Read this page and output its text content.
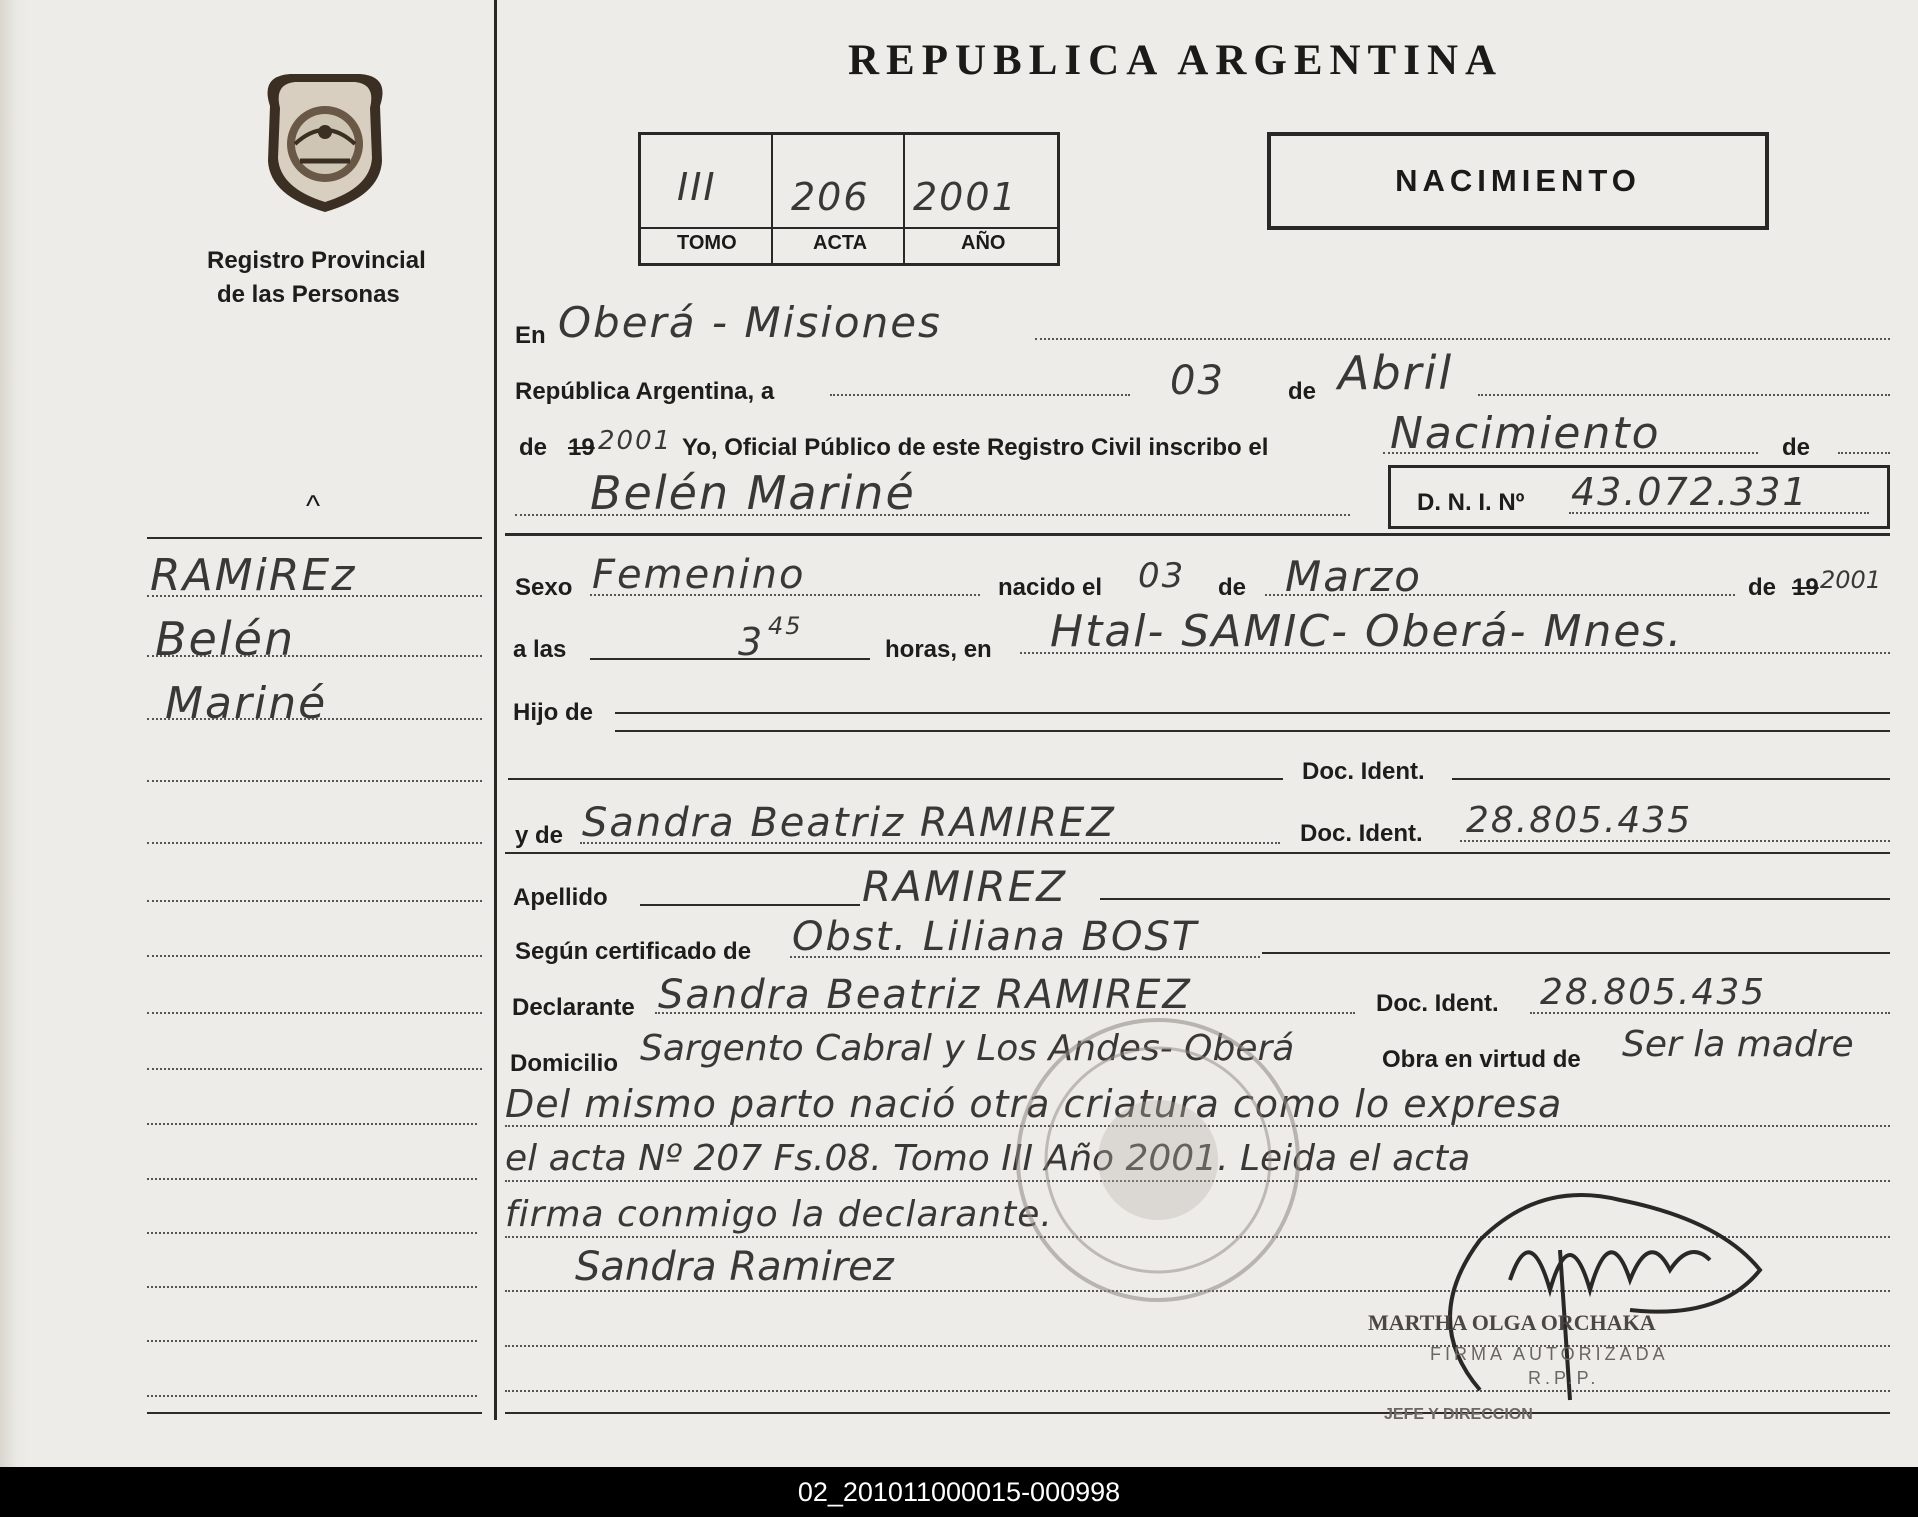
Registro Provincial
de las Personas
REPUBLICA ARGENTINA
III 206 2001
TOMO	ACTA	AÑO
NACIMIENTO
^
RAMiREz
Belén
Mariné
En Oberá - Misiones
República Argentina, a	03	de Abril
de 19 2001 Yo, Oficial Público de este Registro Civil inscribo el	Nacimiento	de
Belén Mariné	D. N. I. Nº 43.072.331
Sexo Femenino	nacido el 03 de Marzo	de 19 2001
a las	3 45
horas, en Htal- SAMIC- Oberá- Mnes.
Hijo de
Doc. Ident.
y de Sandra Beatriz RAMIREZ	Doc. Ident. 28.805.435
Apellido	RAMIREZ
Según certificado de Obst. Liliana BOST
Declarante Sandra Beatriz RAMIREZ	Doc. Ident. 28.805.435
Domicilio Sargento Cabral y Los Andes- Oberá	Obra en virtud de Ser la madre
Del mismo parto nació otra criatura como lo expresa
el acta Nº 207 Fs.08. Tomo III Año 2001. Leida el acta
firma conmigo la declarante.
Sandra Ramirez
MARTHA OLGA ORCHAKA
FIRMA AUTORIZADA
R.P.P.
JEFE Y DIRECCION
02_201011000015-000998
